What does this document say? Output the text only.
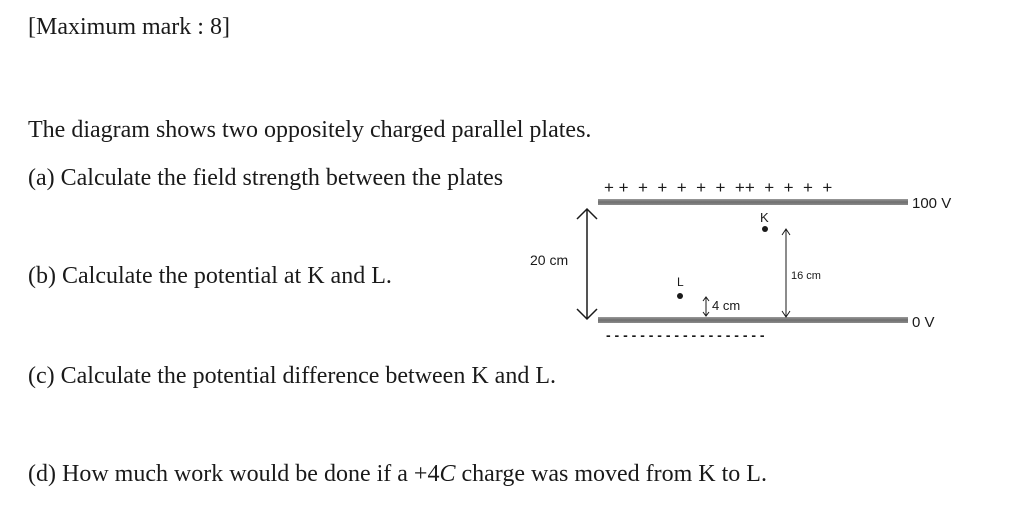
[Maximum mark : 8]
The diagram shows two oppositely charged parallel plates.
(a) Calculate the field strength between the plates
(b) Calculate the potential at K and L.
(c) Calculate the potential difference between K and L.
(d) How much work would be done if a +4C charge was moved from K to L.
+ +  +  +  +  +  +  ++  +  +  +  +
- - - - - - - - - - - - - - - - - - -
100 V
0 V
20 cm
K
16 cm
L
4 cm
